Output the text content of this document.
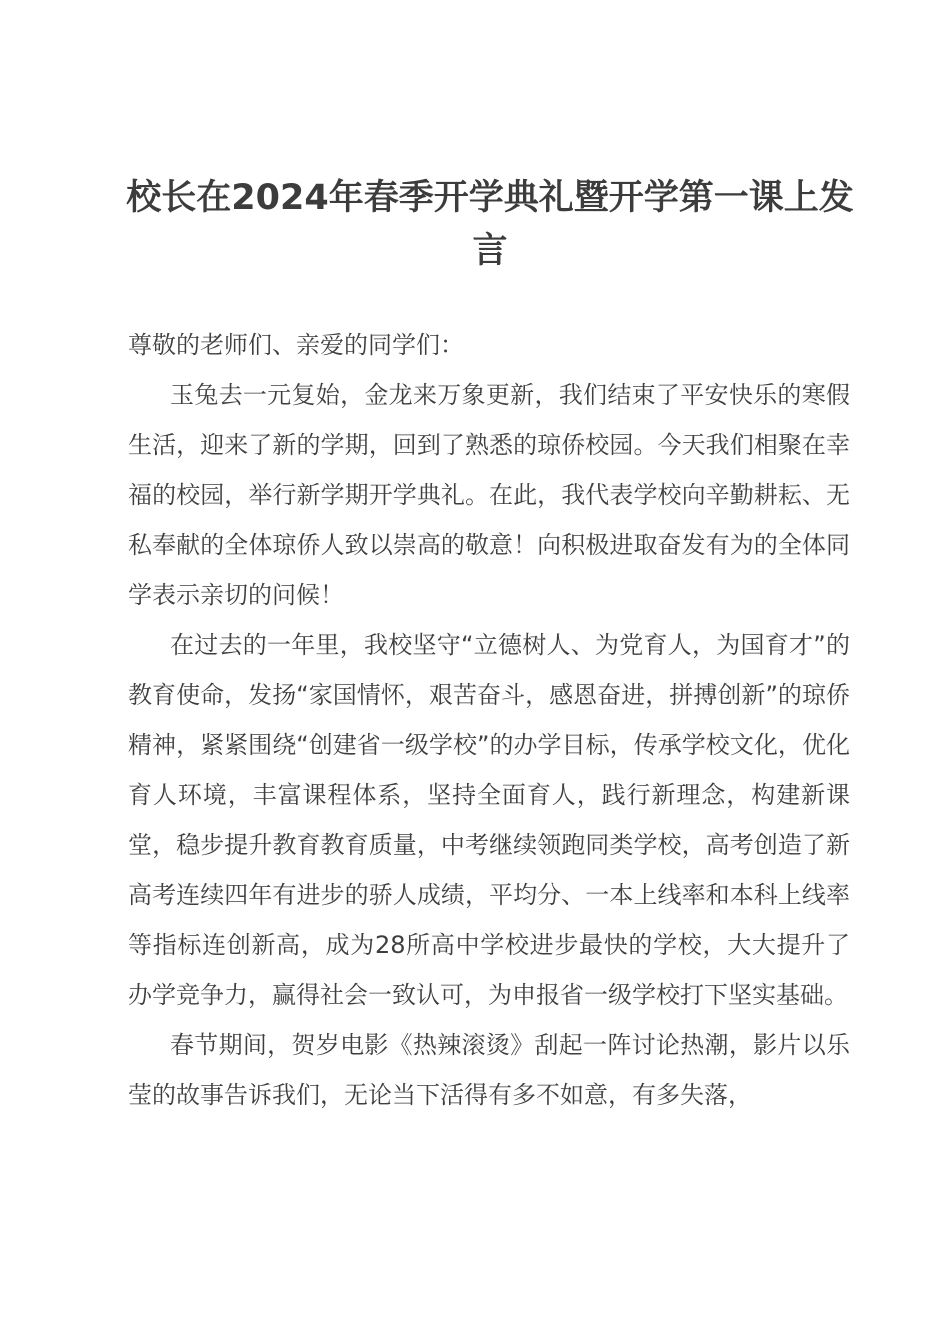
校长在2024年春季开学典礼暨开学第一课上发言

尊敬的老师们、亲爱的同学们：

玉兔去一元复始，金龙来万象更新，我们结束了平安快乐的寒假生活，迎来了新的学期，回到了熟悉的琼侨校园。今天我们相聚在幸福的校园，举行新学期开学典礼。在此，我代表学校向辛勤耕耘、无私奉献的全体琼侨人致以崇高的敬意！向积极进取奋发有为的全体同学表示亲切的问候！

在过去的一年里，我校坚守“立德树人、为党育人，为国育才”的教育使命，发扬“家国情怀，艰苦奋斗，感恩奋进，拼搏创新”的琼侨精神，紧紧围绕“创建省一级学校”的办学目标，传承学校文化，优化育人环境，丰富课程体系，坚持全面育人，践行新理念，构建新课堂，稳步提升教育教育质量，中考继续领跑同类学校，高考创造了新高考连续四年有进步的骄人成绩，平均分、一本上线率和本科上线率等指标连创新高，成为28所高中学校进步最快的学校，大大提升了办学竞争力，赢得社会一致认可，为申报省一级学校打下坚实基础。

春节期间，贺岁电影《热辣滚烫》刮起一阵讨论热潮，影片以乐莹的故事告诉我们，无论当下活得有多不如意，有多失落，
